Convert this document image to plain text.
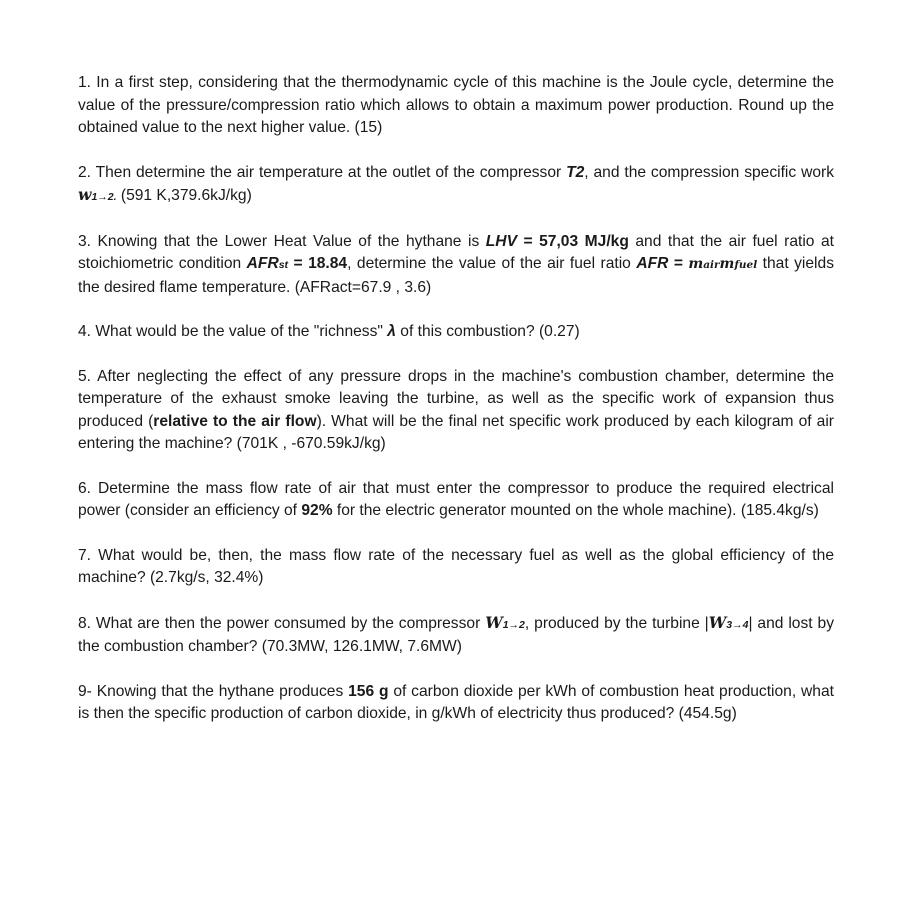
1. In a first step, considering that the thermodynamic cycle of this machine is the Joule cycle, determine the value of the pressure/compression ratio which allows to obtain a maximum power production. Round up the obtained value to the next higher value. (15)

2. Then determine the air temperature at the outlet of the compressor T2, and the compression specific work w1→2. (591 K,379.6kJ/kg)

3. Knowing that the Lower Heat Value of the hythane is LHV = 57,03 MJ/kg and that the air fuel ratio at stoichiometric condition AFRst = 18.84, determine the value of the air fuel ratio AFR = mairmfuel that yields the desired flame temperature. (AFRact=67.9 , 3.6)

4. What would be the value of the "richness" λ of this combustion? (0.27)

5. After neglecting the effect of any pressure drops in the machine's combustion chamber, determine the temperature of the exhaust smoke leaving the turbine, as well as the specific work of expansion thus produced (relative to the air flow). What will be the final net specific work produced by each kilogram of air entering the machine? (701K , -670.59kJ/kg)

6. Determine the mass flow rate of air that must enter the compressor to produce the required electrical power (consider an efficiency of 92% for the electric generator mounted on the whole machine). (185.4kg/s)

7. What would be, then, the mass flow rate of the necessary fuel as well as the global efficiency of the machine? (2.7kg/s, 32.4%)

8. What are then the power consumed by the compressor W1→2, produced by the turbine |W3→4| and lost by the combustion chamber? (70.3MW, 126.1MW, 7.6MW)

9- Knowing that the hythane produces 156 g of carbon dioxide per kWh of combustion heat production, what is then the specific production of carbon dioxide, in g/kWh of electricity thus produced? (454.5g)
